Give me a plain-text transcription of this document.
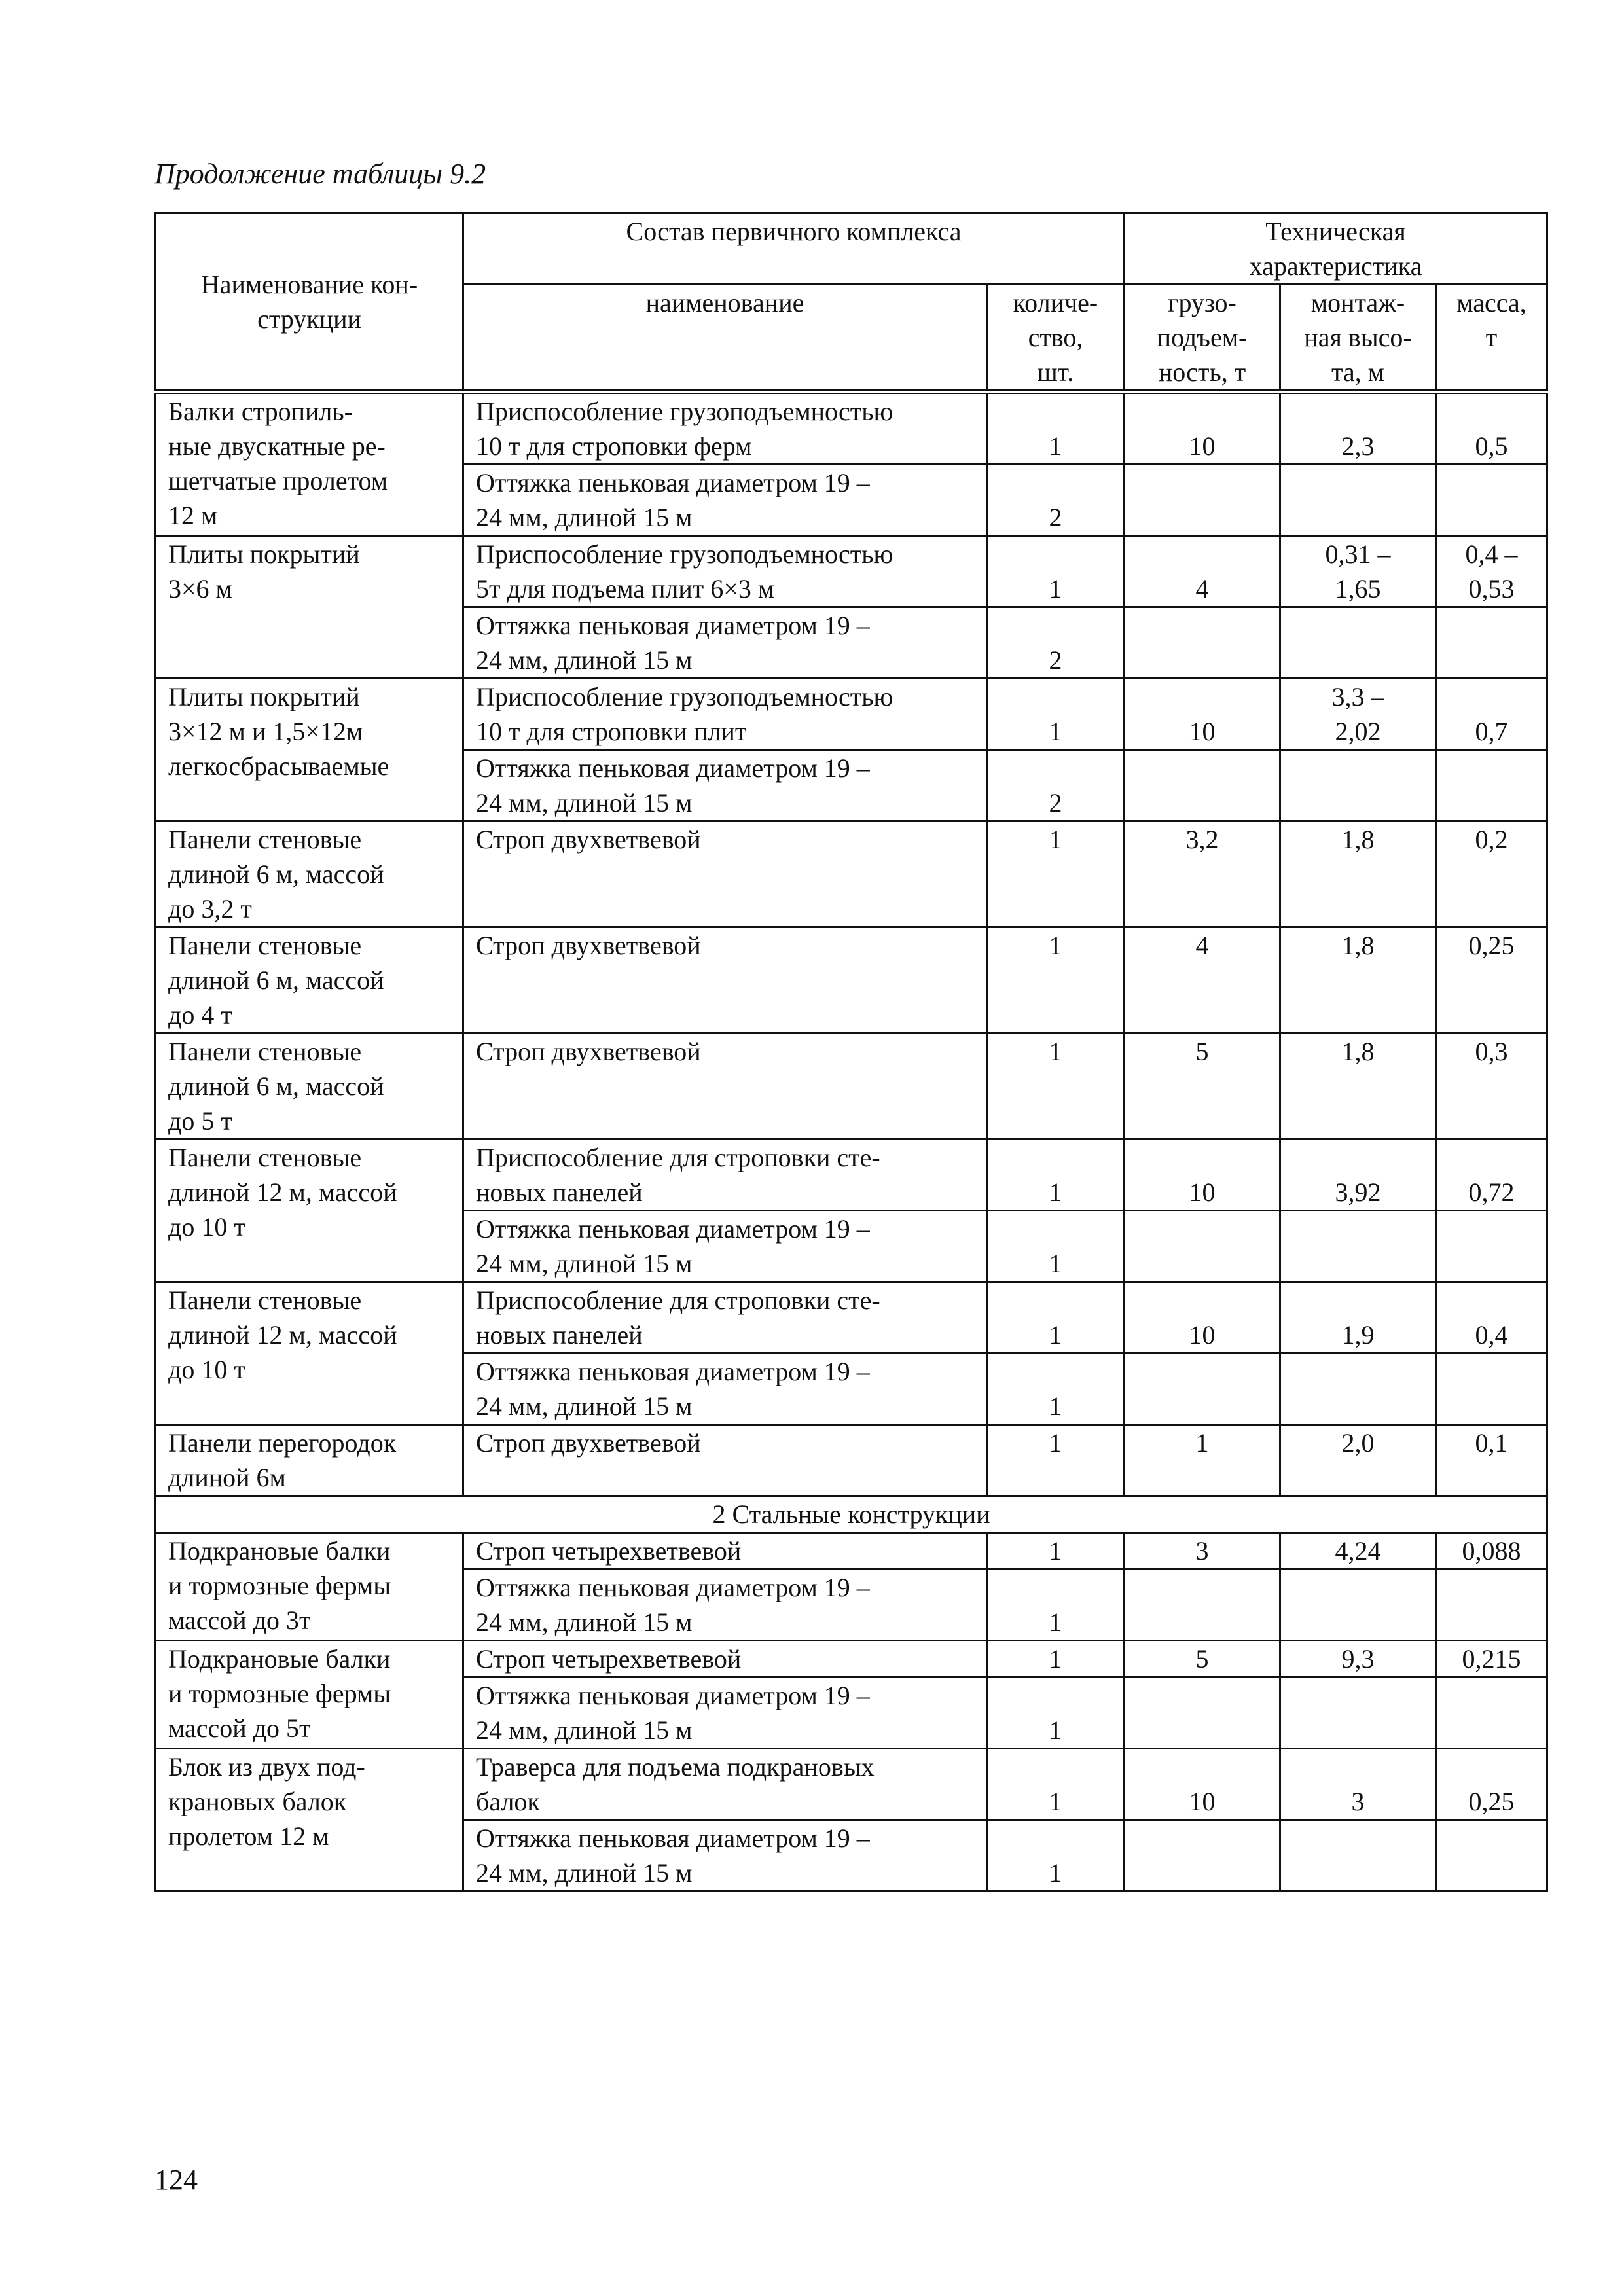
Продолжение таблицы 9.2
Наименование кон-
струкции	Состав первичного комплекса		Техническая
характеристика		
	наименование	количе-
ство,
шт.	грузо-
подъем-
ность, т	монтаж-
ная высо-
та, м	масса,
т
Балки стропиль-
ные двускатные ре-
шетчатые пролетом
12 м	Приспособление грузоподъемностью
10 т для строповки ферм	1	10	2,3	0,5
	Оттяжка пеньковая диаметром 19 –
24 мм, длиной 15 м	2			
Плиты покрытий
3×6 м	Приспособление грузоподъемностью
5т для подъема плит 6×3 м	1	4	0,31 –
1,65	0,4 –
0,53
	Оттяжка пеньковая диаметром 19 –
24 мм, длиной 15 м	2			
Плиты покрытий
3×12 м и 1,5×12м
легкосбрасываемые	Приспособление грузоподъемностью
10 т для строповки плит	1	10	3,3 –
2,02	0,7
	Оттяжка пеньковая диаметром 19 –
24 мм, длиной 15 м	2			
Панели стеновые
длиной 6 м, массой
до 3,2 т	Строп двухветвевой	1	3,2	1,8	0,2
Панели стеновые
длиной 6 м, массой
до 4 т	Строп двухветвевой	1	4	1,8	0,25
Панели стеновые
длиной 6 м, массой
до 5 т	Строп двухветвевой	1	5	1,8	0,3
Панели стеновые
длиной 12 м, массой
до 10 т	Приспособление для строповки сте-
новых панелей	1	10	3,92	0,72
	Оттяжка пеньковая диаметром 19 –
24 мм, длиной 15 м	1			
Панели стеновые
длиной 12 м, массой
до 10 т	Приспособление для строповки сте-
новых панелей	1	10	1,9	0,4
	Оттяжка пеньковая диаметром 19 –
24 мм, длиной 15 м	1			
Панели перегородок
длиной 6м	Строп двухветвевой	1	1	2,0	0,1
2 Стальные конструкции					
Подкрановые балки
и тормозные фермы
массой до 3т	Строп четырехветвевой	1	3	4,24	0,088
	Оттяжка пеньковая диаметром 19 –
24 мм, длиной 15 м	1			
Подкрановые балки
и тормозные фермы
массой до 5т	Строп четырехветвевой	1	5	9,3	0,215
	Оттяжка пеньковая диаметром 19 –
24 мм, длиной 15 м	1			
Блок из двух под-
крановых балок
пролетом 12 м	Траверса для подъема подкрановых
балок	1	10	3	0,25
	Оттяжка пеньковая диаметром 19 –
24 мм, длиной 15 м	1			
124
